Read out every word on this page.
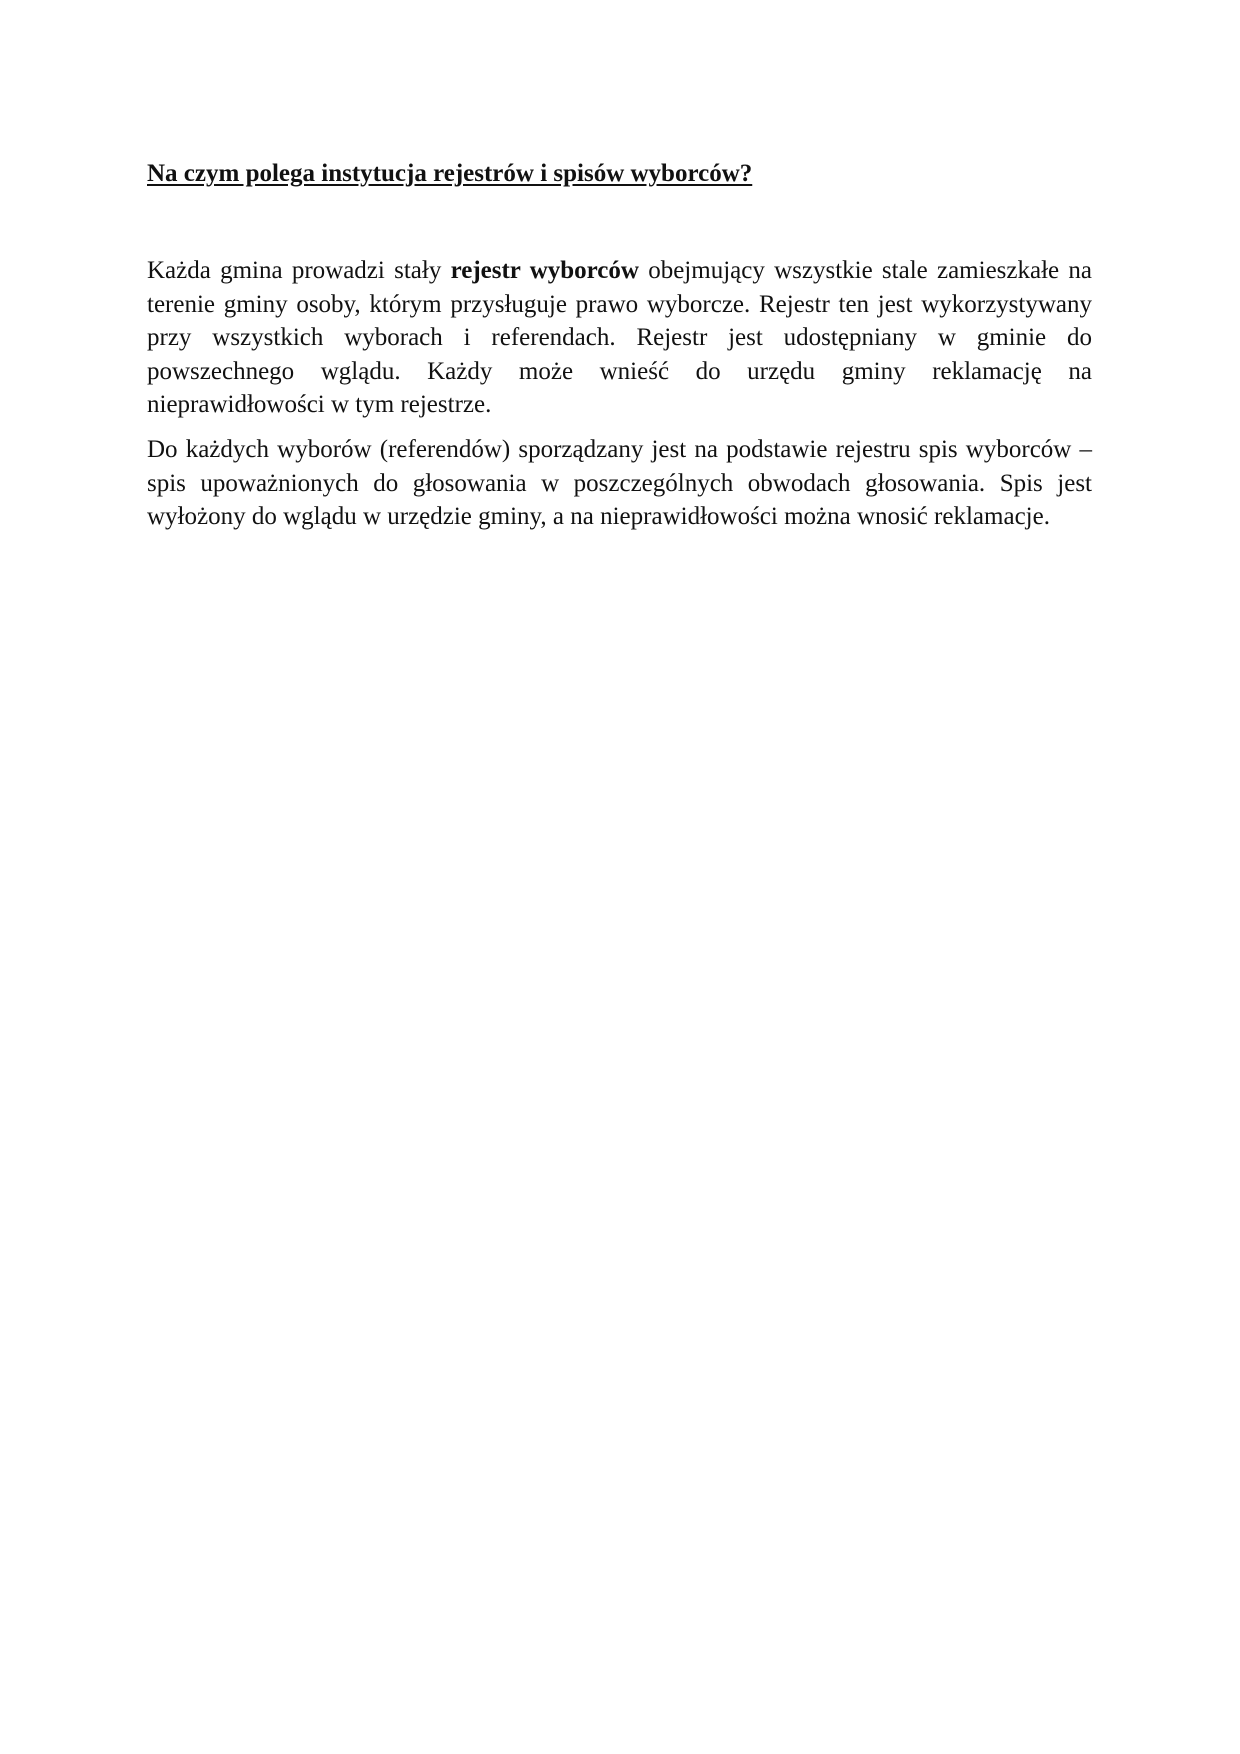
Na czym polega instytucja rejestrów i spisów wyborców?

Każda gmina prowadzi stały rejestr wyborców obejmujący wszystkie stale zamieszkałe na terenie gminy osoby, którym przysługuje prawo wyborcze. Rejestr ten jest wykorzystywany przy wszystkich wyborach i referendach. Rejestr jest udostępniany w gminie do powszechnego wglądu. Każdy może wnieść do urzędu gminy reklamację na nieprawidłowości w tym rejestrze.

Do każdych wyborów (referendów) sporządzany jest na podstawie rejestru spis wyborców – spis upoważnionych do głosowania w poszczególnych obwodach głosowania. Spis jest wyłożony do wglądu w urzędzie gminy, a na nieprawidłowości można wnosić reklamacje.
